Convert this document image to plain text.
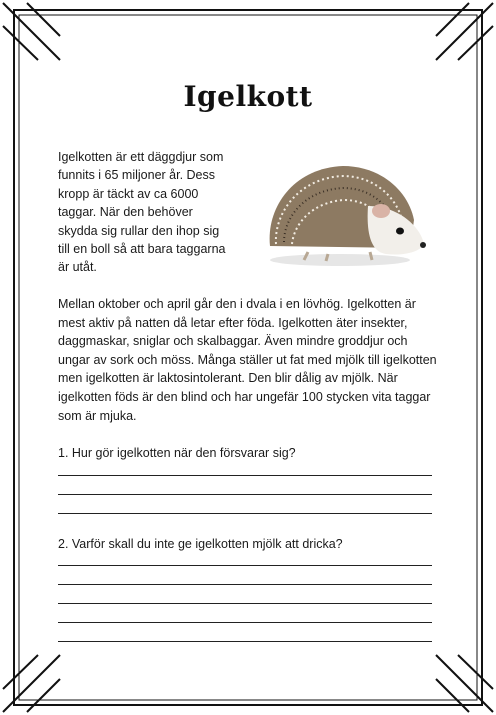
Igelkott
Igelkotten är ett däggdjur som funnits i 65 miljoner år. Dess kropp är täckt av ca 6000 taggar. När den behöver skydda sig rullar den ihop sig till en boll så att bara taggarna är utåt.
Mellan oktober och april går den i dvala i en lövhög. Igelkotten är mest aktiv på natten då letar efter föda. Igelkotten äter insekter, daggmaskar, sniglar och skalbaggar. Även mindre groddjur och ungar av sork och möss. Många ställer ut fat med mjölk till igelkotten men igelkotten är laktosintolerant. Den blir dålig av mjölk. När igelkotten föds är den blind och har ungefär 100 stycken vita taggar som är mjuka.
1. Hur gör igelkotten när den försvarar sig?
2. Varför skall du inte ge igelkotten mjölk att dricka?
